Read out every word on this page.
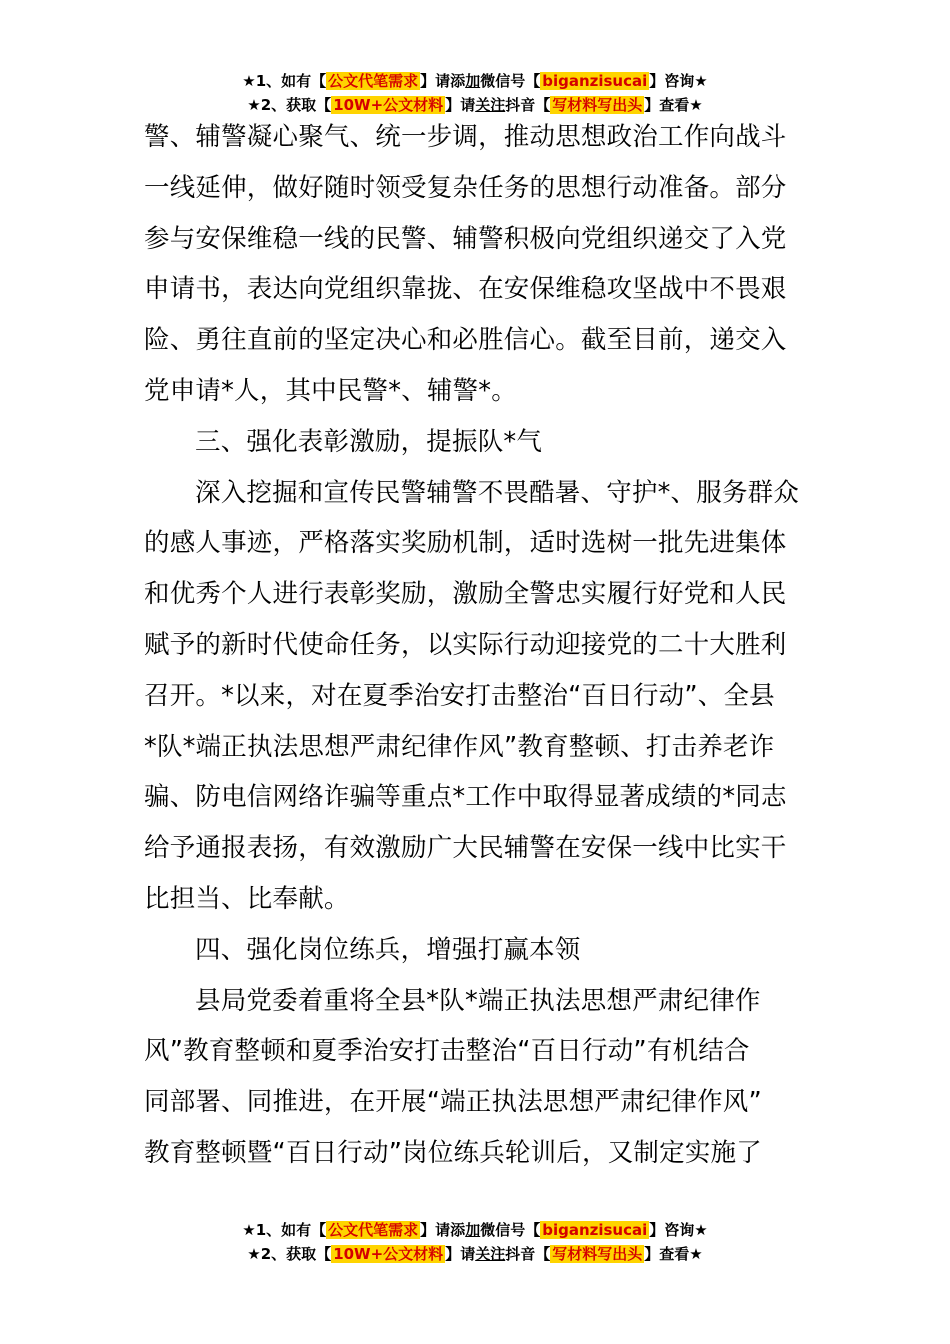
★1、如有【 公文代笔需求 】请添加微信号【 biganzisucai 】咨询★
★2、获取【 10W+公文材料 】请关注抖音【 写材料写出头 】查看★

警、辅警凝心聚气、统一步调，推动思想政治工作向战斗

一线延伸，做好随时领受复杂任务的思想行动准备。部分

参与安保维稳一线的民警、辅警积极向党组织递交了入党

申请书，表达向党组织靠拢、在安保维稳攻坚战中不畏艰

险、勇往直前的坚定决心和必胜信心。截至目前，递交入

党申请*人，其中民警*、辅警*。

三、强化表彰激励，提振队*气

深入挖掘和宣传民警辅警不畏酷暑、守护*、服务群众

的感人事迹，严格落实奖励机制，适时选树一批先进集体

和优秀个人进行表彰奖励，激励全警忠实履行好党和人民

赋予的新时代使命任务，以实际行动迎接党的二十大胜利

召开。*以来，对在夏季治安打击整治“百日行动”、全县

*队*端正执法思想严肃纪律作风”教育整顿、打击养老诈

骗、防电信网络诈骗等重点*工作中取得显著成绩的*同志

给予通报表扬，有效激励广大民辅警在安保一线中比实干

比担当、比奉献。

四、强化岗位练兵，增强打赢本领

县局党委着重将全县*队*端正执法思想严肃纪律作

风”教育整顿和夏季治安打击整治“百日行动”有机结合

同部署、同推进，在开展“端正执法思想严肃纪律作风”

教育整顿暨“百日行动”岗位练兵轮训后，又制定实施了

★1、如有【 公文代笔需求 】请添加微信号【 biganzisucai 】咨询★
★2、获取【 10W+公文材料 】请关注抖音【 写材料写出头 】查看★
